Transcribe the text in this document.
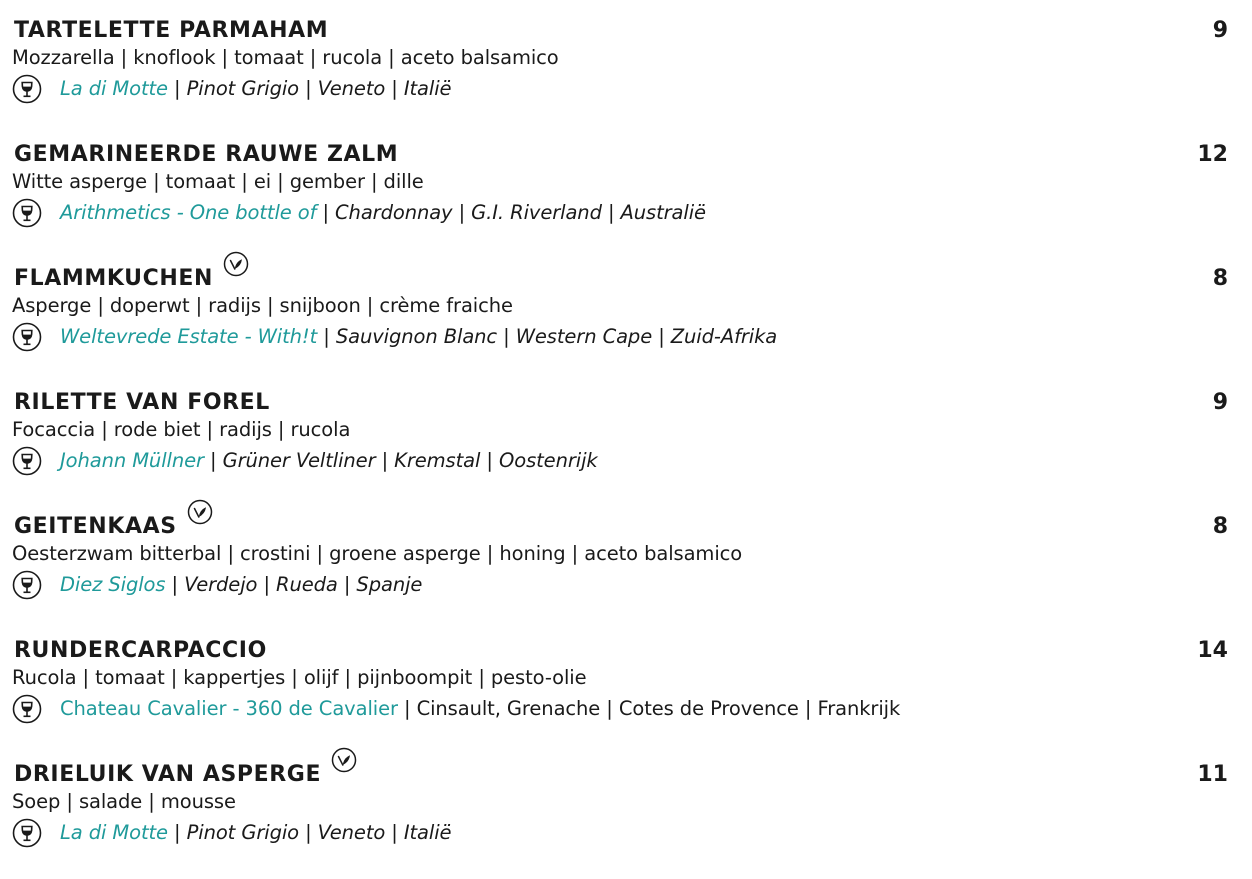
TARTELETTE PARMAHAM	9
Mozzarella | knoflook | tomaat | rucola | aceto balsamico
La di Motte | Pinot Grigio | Veneto | Italië
GEMARINEERDE RAUWE ZALM	12
Witte asperge | tomaat | ei | gember | dille
Arithmetics - One bottle of | Chardonnay | G.I. Riverland | Australië
FLAMMKUCHEN	8
Asperge | doperwt | radijs | snijboon | crème fraiche
Weltevrede Estate - With!t | Sauvignon Blanc | Western Cape | Zuid-Afrika
RILETTE VAN FOREL	9
Focaccia | rode biet | radijs | rucola
Johann Müllner | Grüner Veltliner | Kremstal | Oostenrijk
GEITENKAAS	8
Oesterzwam bitterbal | crostini | groene asperge | honing | aceto balsamico
Diez Siglos | Verdejo | Rueda | Spanje
RUNDERCARPACCIO	14
Rucola | tomaat | kappertjes | olijf | pijnboompit | pesto-olie
Chateau Cavalier - 360 de Cavalier | Cinsault, Grenache | Cotes de Provence | Frankrijk
DRIELUIK VAN ASPERGE	11
Soep | salade | mousse
La di Motte | Pinot Grigio | Veneto | Italië
